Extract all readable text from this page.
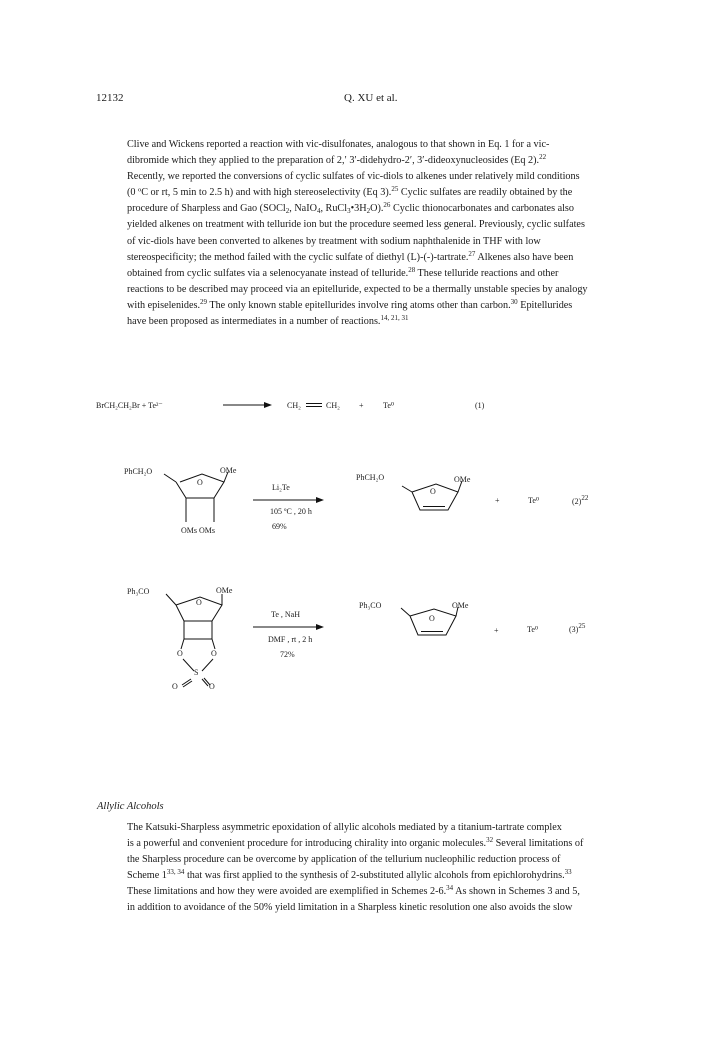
12132	Q. XU et al.
Clive and Wickens reported a reaction with vic-disulfonates, analogous to that shown in Eq. 1 for a vic-
dibromide which they applied to the preparation of 2,′ 3′-didehydro-2′, 3′-dideoxynucleosides (Eq 2).$^{22}$
Recently, we reported the conversions of cyclic sulfates of vic-diols to alkenes under relatively mild conditions
(0 ºC or rt, 5 min to 2.5 h) and with high stereoselectivity (Eq 3).$^{25}$ Cyclic sulfates are readily obtained by the
procedure of Sharpless and Gao (SOCl$_2$, NaIO$_4$, $RuCl_3•3H_2O).^{26}$ Cyclic thionocarbonates and carbonates also
yielded alkenes on treatment with telluride ion but the procedure seemed less general. Previously, cyclic sulfates
of vic-diols have been converted to alkenes by treatment with sodium naphthalenide in THF with low
stereospecificity; the method failed with the cyclic sulfate of diethyl (L)-(-)-tartrate.$^{27}$ Alkenes also have been
obtained from cyclic sulfates via a selenocyanate instead of telluride.$^{28}$ These telluride reactions and other
reactions to be described may proceed via an epitelluride, expected to be a thermally unstable species by analogy
with episelenides.$^{29}$ The only known stable epitellurides involve ring atoms other than carbon.$^{30}$ Epitellurides
have been proposed as intermediates in a number of reactions.$^{14, 21, 31}$
BrCH₂CH₂Br + Te²⁻	CH₂	CH₂ + Te⁰	(1)
PhCH₂O	OMe
O
OMs OMs
Li₂Te
105 ºC , 20 h
69%
PhCH₂O	OMe
O
+	Te⁰	$(2)^{22}$
Ph₃CO	OMe
O
O	O
S
O	O
Te , NaH
DMF , rt , 2 h
72%
Ph₃CO	OMe
O
+	Te⁰	$(3)^{25}$
Allylic Alcohols
The Katsuki-Sharpless asymmetric epoxidation of allylic alcohols mediated by a titanium-tartrate complex
is a powerful and convenient procedure for introducing chirality into organic molecules.$^{32}$ Several limitations of
the Sharpless procedure can be overcome by application of the tellurium nucleophilic reduction process of
Scheme 1$^{33, 34}$ that was first applied to the synthesis of 2-substituted allylic alcohols from epichlorohydrins.$^{33}$
These limitations and how they were avoided are exemplified in Schemes 2-6.34 As shown in Schemes 3 and 5,
in addition to avoidance of the 50% yield limitation in a Sharpless kinetic resolution one also avoids the slow
